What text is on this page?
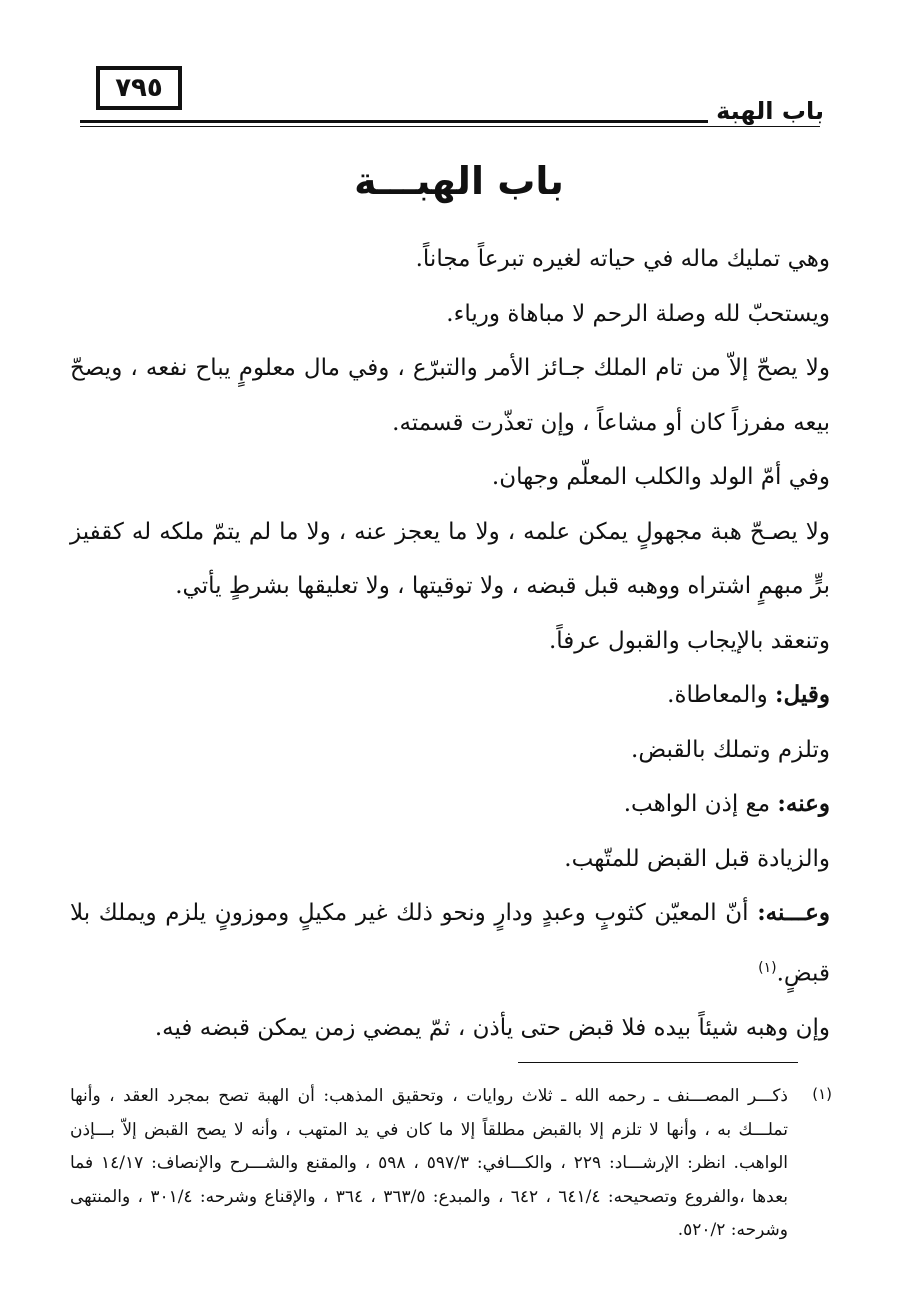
٧٩٥
باب الهبة
باب الهبـــة

وهي تمليك ماله في حياته لغيره تبرعاً مجاناً.

ويستحبّ لله وصلة الرحم لا مباهاة ورياء.

ولا يصحّ إلاّ من تام الملك جـائز الأمر والتبرّع ، وفي مال معلومٍ يباح نفعه ، ويصحّ بيعه مفرزاً كان أو مشاعاً ، وإن تعذّرت قسمته.

وفي أمّ الولد والكلب المعلّم وجهان.

ولا يصـحّ هبة مجهولٍ يمكن علمه ، ولا ما يعجز عنه ، ولا ما لم يتمّ ملكه له كقفيز برٍّ مبهمٍ اشتراه ووهبه قبل قبضه ، ولا توقيتها ، ولا تعليقها بشرطٍ يأتي.

وتنعقد بالإيجاب والقبول عرفاً.

وقيل: والمعاطاة.

وتلزم وتملك بالقبض.

وعنه: مع إذن الواهب.

والزيادة قبل القبض للمتّهب.

وعـــنه: أنّ المعيّن كثوبٍ وعبدٍ ودارٍ ونحو ذلك غير مكيلٍ وموزونٍ يلزم ويملك بلا قبضٍ.$^{(١)}$

وإن وهبه شيئاً بيده فلا قبض حتى يأذن ، ثمّ يمضي زمن يمكن قبضه فيه.

(١)
ذكـــر المصـــنف ـ رحمه الله ـ ثلاث روايات ، وتحقيق المذهب: أن الهبة تصح بمجرد العقد ، وأنها تملـــك به ، وأنها لا تلزم إلا بالقبض مطلقاً إلا ما كان في يد المتهب ، وأنه لا يصح القبض إلاّ بـــإذن الواهب. انظر: الإرشـــاد: ٢٢٩ ، والكـــافي: ٥٩٧/٣ ، ٥٩٨ ، والمقنع والشـــرح والإنصاف: ١٤/١٧ فما بعدها ،والفروع وتصحيحه: ٦٤١/٤ ، ٦٤٢ ، والمبدع: ٣٦٣/٥ ، ٣٦٤ ، والإقناع وشرحه: ٣٠١/٤ ، والمنتهى وشرحه: ٥٢٠/٢.
